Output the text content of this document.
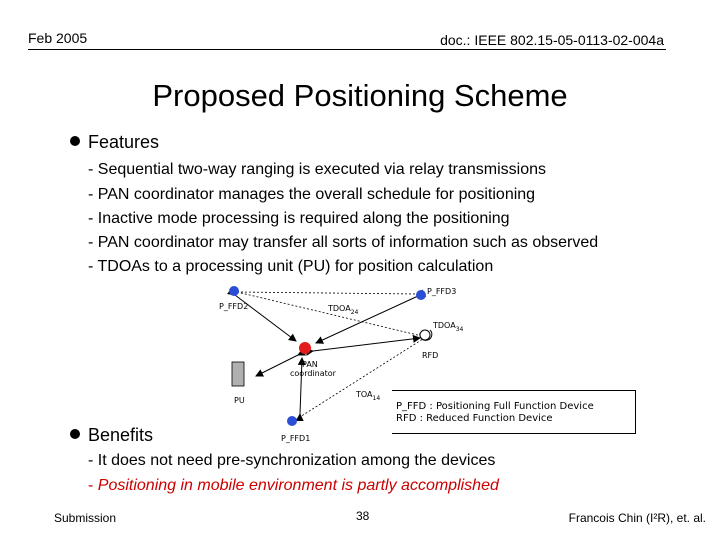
Feb 2005	doc.: IEEE 802.15-05-0113-02-004a
Proposed Positioning Scheme
Features
- Sequential two-way ranging is executed via relay transmissions
- PAN coordinator manages the overall schedule for positioning
- Inactive mode processing is required along the positioning
- PAN coordinator may transfer all sorts of information such as observed
- TDOAs to a processing unit (PU) for position calculation
P_FFD3
P_FFD2
PAN
coordinator
RFD
PU
P_FFD1
$TDOA_{24}$
$TDOA_{34}$
$TOA_{14}$
P_FFD : Positioning Full Function Device
RFD : Reduced Function Device
Benefits
- It does not need pre-synchronization among the devices
- Positioning in mobile environment is partly accomplished
Submission	38	Francois Chin (I²R), et. al.
